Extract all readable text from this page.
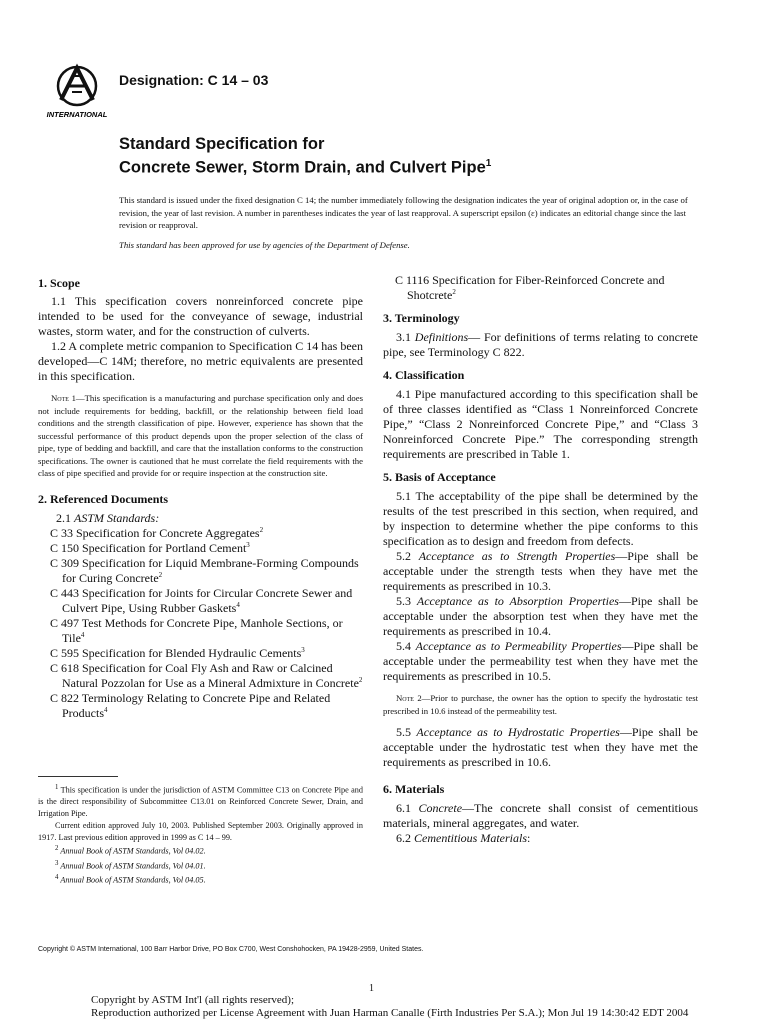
INTERNATIONAL
Designation: C 14 – 03
Standard Specification for
Concrete Sewer, Storm Drain, and Culvert Pipe$^1$

This standard is issued under the fixed designation C 14; the number immediately following the designation indicates the year of original adoption or, in the case of revision, the year of last revision. A number in parentheses indicates the year of last reapproval. A superscript epsilon (ε) indicates an editorial change since the last revision or reapproval.

This standard has been approved for use by agencies of the Department of Defense.

1. Scope

1.1 This specification covers nonreinforced concrete pipe intended to be used for the conveyance of sewage, industrial wastes, storm water, and for the construction of culverts.

1.2 A complete metric companion to Specification C 14 has been developed—C 14M; therefore, no metric equivalents are presented in this specification.

Note 1—This specification is a manufacturing and purchase specification only and does not include requirements for bedding, backfill, or the relationship between field load conditions and the strength classification of pipe. However, experience has shown that the successful performance of this product depends upon the proper selection of the class of pipe, type of bedding and backfill, and care that the installation conforms to the construction specifications. The owner is cautioned that he must correlate the field requirements with the class of pipe specified and provide for or require inspection at the construction site.

2. Referenced Documents

2.1 ASTM Standards:

C 33 Specification for Concrete Aggregates$^2$

C 150 Specification for Portland Cement$^3$

C 309 Specification for Liquid Membrane-Forming Compounds for Curing Concrete$^2$

C 443 Specification for Joints for Circular Concrete Sewer and Culvert Pipe, Using Rubber Gaskets$^4$

C 497 Test Methods for Concrete Pipe, Manhole Sections, or Tile$^4$

C 595 Specification for Blended Hydraulic Cements$^3$

C 618 Specification for Coal Fly Ash and Raw or Calcined Natural Pozzolan for Use as a Mineral Admixture in Concrete$^2$

C 822 Terminology Relating to Concrete Pipe and Related Products$^4$

$^1$ This specification is under the jurisdiction of ASTM Committee C13 on Concrete Pipe and is the direct responsibility of Subcommittee C13.01 on Reinforced Concrete Sewer, Drain, and Irrigation Pipe.

Current edition approved July 10, 2003. Published September 2003. Originally approved in 1917. Last previous edition approved in 1999 as C 14 – 99.

$^2$ Annual Book of ASTM Standards, Vol 04.02.

$^3$ Annual Book of ASTM Standards, Vol 04.01.

$^4$ Annual Book of ASTM Standards, Vol 04.05.

C 1116 Specification for Fiber-Reinforced Concrete and Shotcrete$^2$

3. Terminology

3.1 Definitions— For definitions of terms relating to concrete pipe, see Terminology C 822.

4. Classification

4.1 Pipe manufactured according to this specification shall be of three classes identified as “Class 1 Nonreinforced Concrete Pipe,” “Class 2 Nonreinforced Concrete Pipe,” and “Class 3 Nonreinforced Concrete Pipe.” The corresponding strength requirements are prescribed in Table 1.

5. Basis of Acceptance

5.1 The acceptability of the pipe shall be determined by the results of the test prescribed in this section, when required, and by inspection to determine whether the pipe conforms to this specification as to design and freedom from defects.

5.2 Acceptance as to Strength Properties—Pipe shall be acceptable under the strength tests when they have met the requirements as prescribed in 10.3.

5.3 Acceptance as to Absorption Properties—Pipe shall be acceptable under the absorption test when they have met the requirements as prescribed in 10.4.

5.4 Acceptance as to Permeability Properties—Pipe shall be acceptable under the permeability test when they have met the requirements as prescribed in 10.5.

Note 2—Prior to purchase, the owner has the option to specify the hydrostatic test prescribed in 10.6 instead of the permeability test.

5.5 Acceptance as to Hydrostatic Properties—Pipe shall be acceptable under the hydrostatic test when they have met the requirements as prescribed in 10.6.

6. Materials

6.1 Concrete—The concrete shall consist of cementitious materials, mineral aggregates, and water.

6.2 Cementitious Materials:

Copyright © ASTM International, 100 Barr Harbor Drive, PO Box C700, West Conshohocken, PA 19428-2959, United States.
1
Copyright by ASTM Int'l (all rights reserved);
Reproduction authorized per License Agreement with Juan Harman Canalle (Firth Industries Per S.A.); Mon Jul 19 14:30:42 EDT 2004
